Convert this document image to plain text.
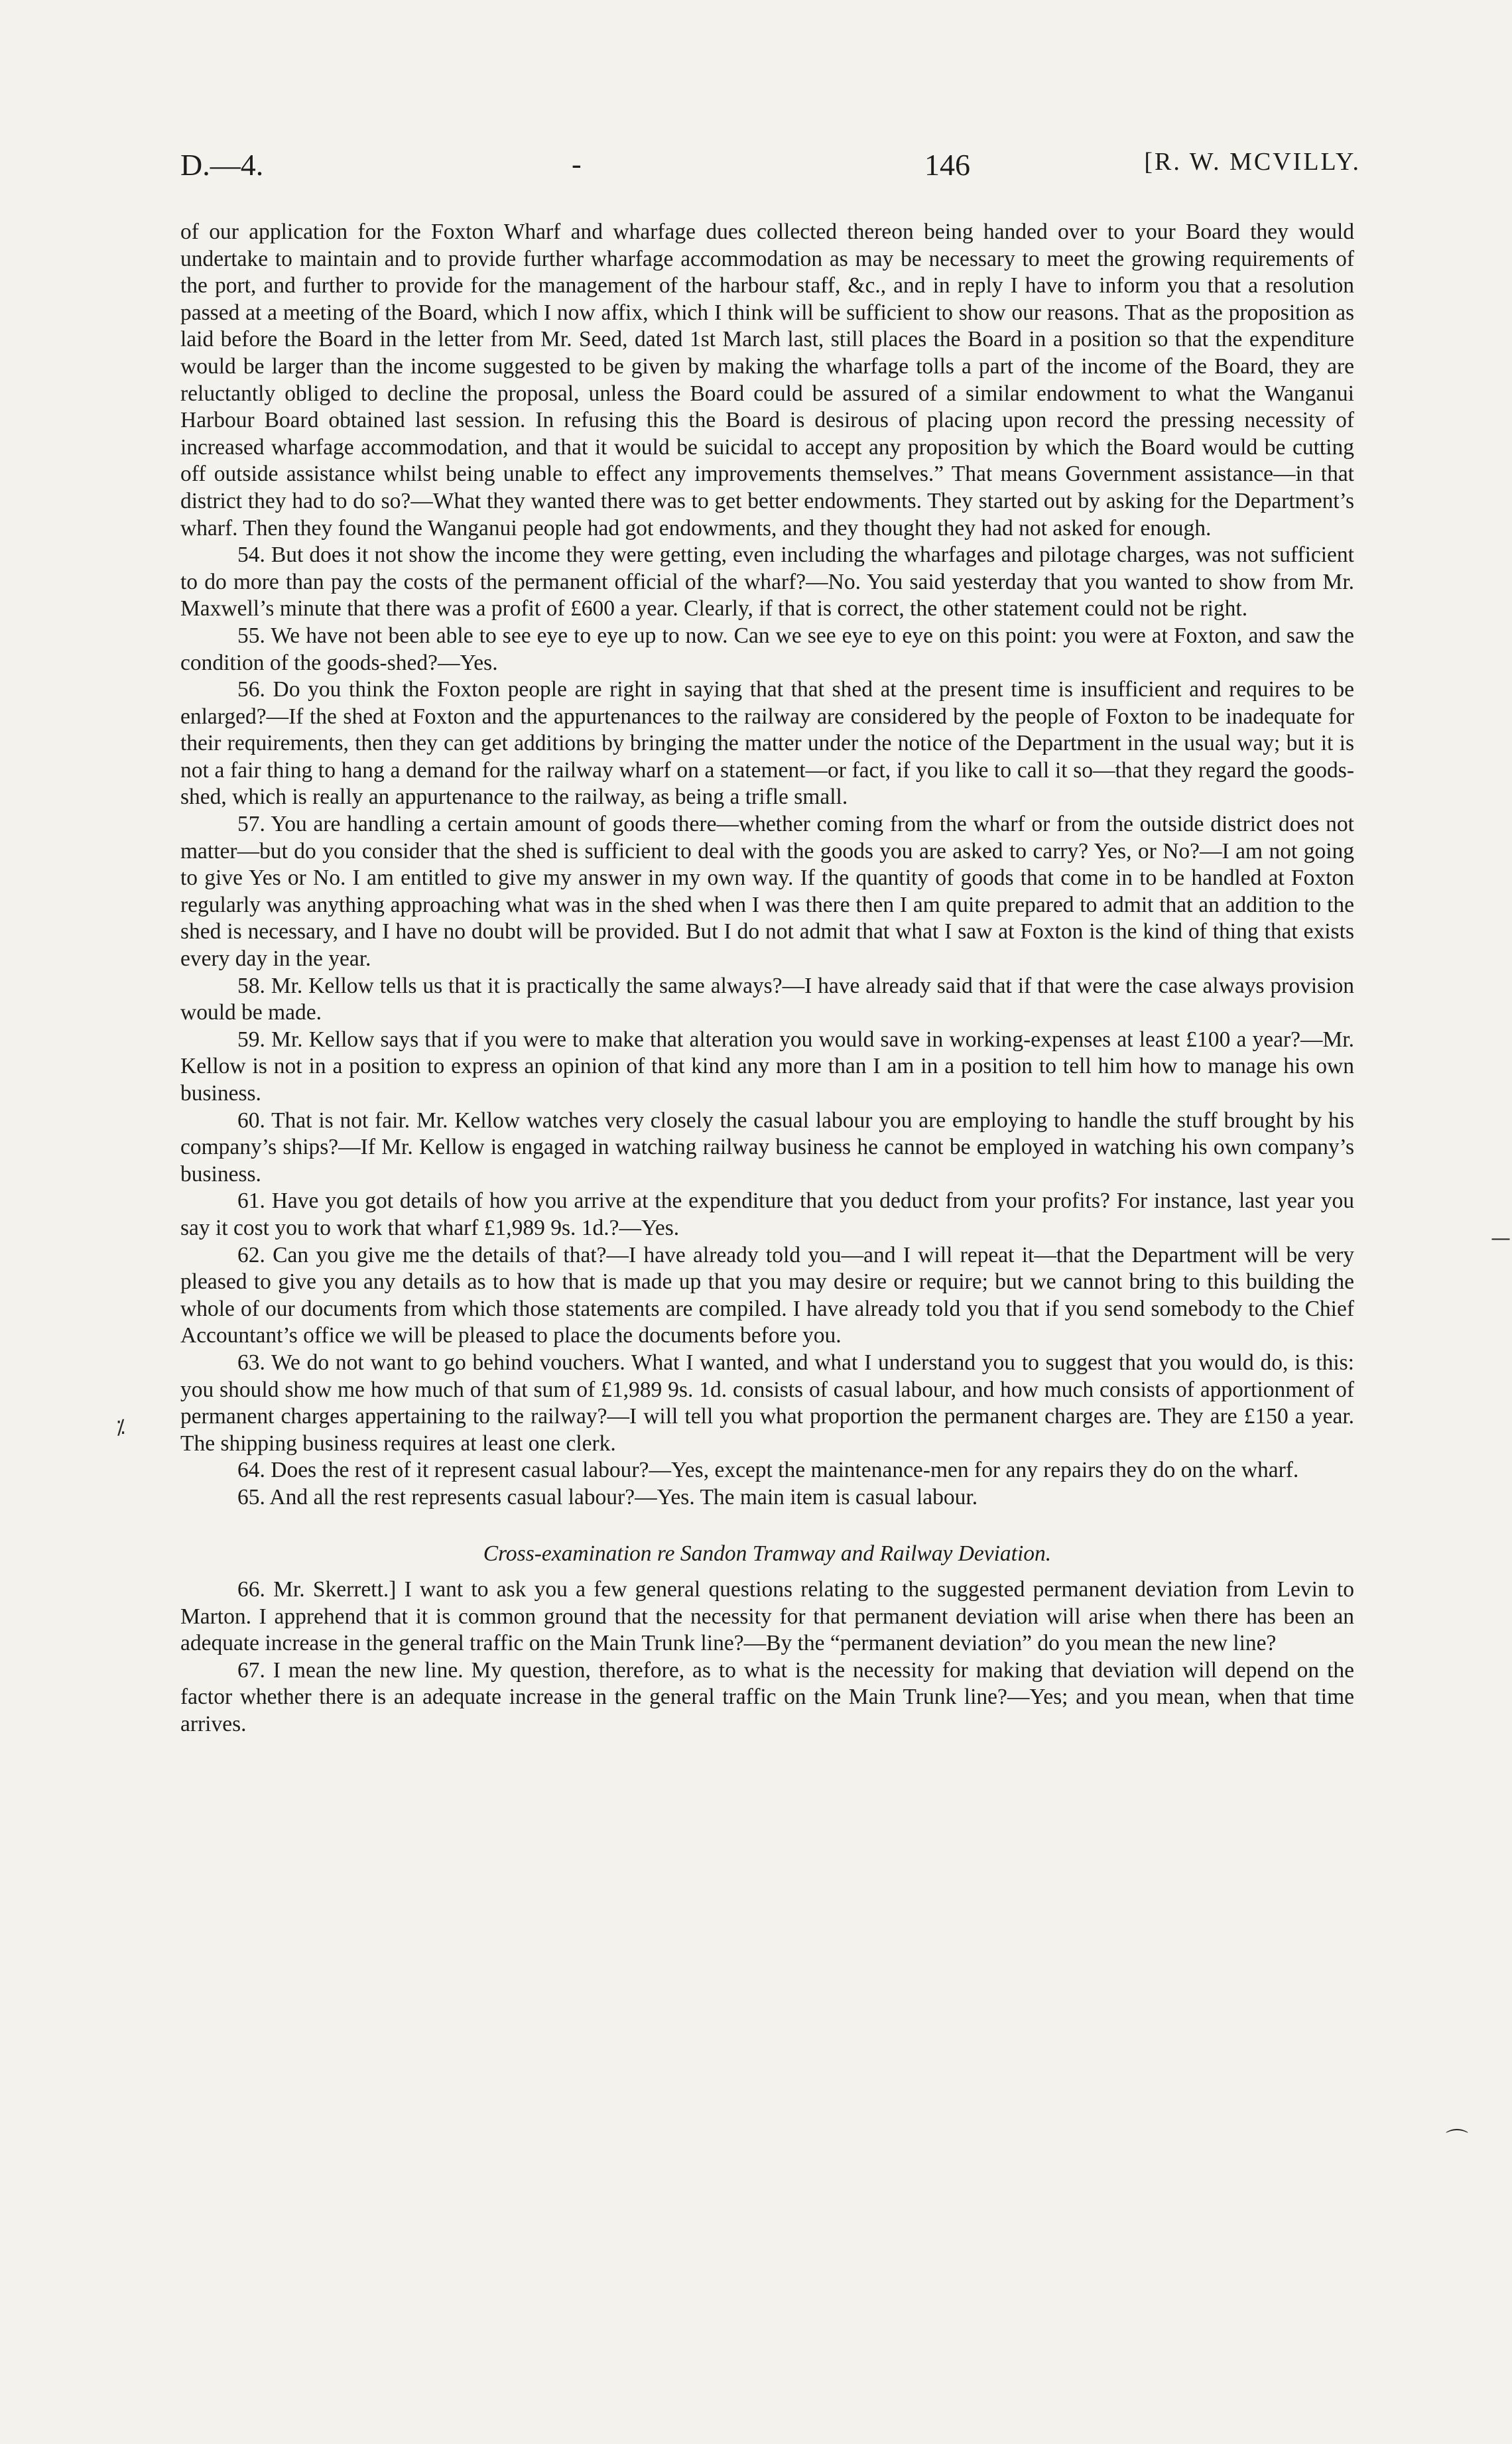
D.—4.	-	146	[R. W. MCVILLY.

of our application for the Foxton Wharf and wharfage dues collected thereon being handed over to your Board they would undertake to maintain and to provide further wharfage accommodation as may be necessary to meet the growing requirements of the port, and further to provide for the management of the harbour staff, &c., and in reply I have to inform you that a resolution passed at a meeting of the Board, which I now affix, which I think will be sufficient to show our reasons. That as the proposition as laid before the Board in the letter from Mr. Seed, dated 1st March last, still places the Board in a position so that the expenditure would be larger than the income suggested to be given by making the wharfage tolls a part of the income of the Board, they are reluctantly obliged to decline the proposal, unless the Board could be assured of a similar endowment to what the Wanganui Harbour Board obtained last session. In refusing this the Board is desirous of placing upon record the pressing necessity of increased wharfage accommodation, and that it would be suicidal to accept any proposition by which the Board would be cutting off outside assistance whilst being unable to effect any improvements themselves.” That means Government assistance—in that district they had to do so?—What they wanted there was to get better endowments. They started out by asking for the Department’s wharf. Then they found the Wanganui people had got endowments, and they thought they had not asked for enough.

54. But does it not show the income they were getting, even including the wharfages and pilotage charges, was not sufficient to do more than pay the costs of the permanent official of the wharf?—No. You said yesterday that you wanted to show from Mr. Maxwell’s minute that there was a profit of £600 a year. Clearly, if that is correct, the other statement could not be right.

55. We have not been able to see eye to eye up to now. Can we see eye to eye on this point: you were at Foxton, and saw the condition of the goods-shed?—Yes.

56. Do you think the Foxton people are right in saying that that shed at the present time is insufficient and requires to be enlarged?—If the shed at Foxton and the appurtenances to the railway are considered by the people of Foxton to be inadequate for their requirements, then they can get additions by bringing the matter under the notice of the Department in the usual way; but it is not a fair thing to hang a demand for the railway wharf on a statement—or fact, if you like to call it so—that they regard the goods-shed, which is really an appurtenance to the railway, as being a trifle small.

57. You are handling a certain amount of goods there—whether coming from the wharf or from the outside district does not matter—but do you consider that the shed is sufficient to deal with the goods you are asked to carry? Yes, or No?—I am not going to give Yes or No. I am entitled to give my answer in my own way. If the quantity of goods that come in to be handled at Foxton regularly was anything approaching what was in the shed when I was there then I am quite prepared to admit that an addition to the shed is necessary, and I have no doubt will be provided. But I do not admit that what I saw at Foxton is the kind of thing that exists every day in the year.

58. Mr. Kellow tells us that it is practically the same always?—I have already said that if that were the case always provision would be made.

59. Mr. Kellow says that if you were to make that alteration you would save in working-expenses at least £100 a year?—Mr. Kellow is not in a position to express an opinion of that kind any more than I am in a position to tell him how to manage his own business.

60. That is not fair. Mr. Kellow watches very closely the casual labour you are employing to handle the stuff brought by his company’s ships?—If Mr. Kellow is engaged in watching railway business he cannot be employed in watching his own company’s business.

61. Have you got details of how you arrive at the expenditure that you deduct from your profits? For instance, last year you say it cost you to work that wharf £1,989 9s. 1d.?—Yes.

62. Can you give me the details of that?—I have already told you—and I will repeat it—that the Department will be very pleased to give you any details as to how that is made up that you may desire or require; but we cannot bring to this building the whole of our documents from which those statements are compiled. I have already told you that if you send somebody to the Chief Accountant’s office we will be pleased to place the documents before you.

63. We do not want to go behind vouchers. What I wanted, and what I understand you to suggest that you would do, is this: you should show me how much of that sum of £1,989 9s. 1d. consists of casual labour, and how much consists of apportionment of permanent charges appertaining to the railway?—I will tell you what proportion the permanent charges are. They are £150 a year. The shipping business requires at least one clerk.

64. Does the rest of it represent casual labour?—Yes, except the maintenance-men for any repairs they do on the wharf.

65. And all the rest represents casual labour?—Yes. The main item is casual labour.

Cross-examination re Sandon Tramway and Railway Deviation.

66. Mr. Skerrett.] I want to ask you a few general questions relating to the suggested permanent deviation from Levin to Marton. I apprehend that it is common ground that the necessity for that permanent deviation will arise when there has been an adequate increase in the general traffic on the Main Trunk line?—By the “permanent deviation” do you mean the new line?

67. I mean the new line. My question, therefore, as to what is the necessity for making that deviation will depend on the factor whether there is an adequate increase in the general traffic on the Main Trunk line?—Yes; and you mean, when that time arrives.

⁒
—
⌒
